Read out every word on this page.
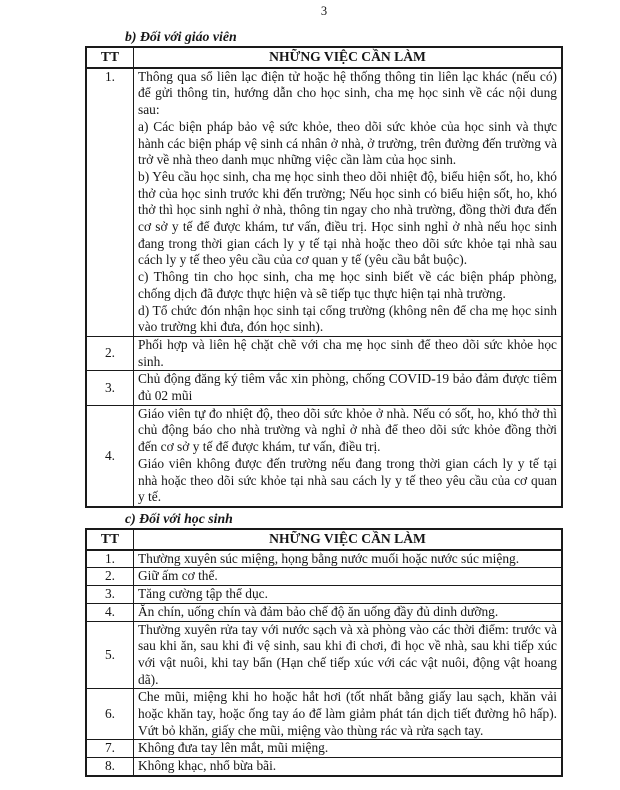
3
b) Đối với giáo viên
TT	NHỮNG VIỆC CẦN LÀM
1.	Thông qua sổ liên lạc điện tử hoặc hệ thống thông tin liên lạc khác (nếu có) để gửi thông tin, hướng dẫn cho học sinh, cha mẹ học sinh về các nội dung sau:
a) Các biện pháp bảo vệ sức khỏe, theo dõi sức khỏe của học sinh và thực hành các biện pháp vệ sinh cá nhân ở nhà, ở trường, trên đường đến trường và trở về nhà theo danh mục những việc cần làm của học sinh.
b) Yêu cầu học sinh, cha mẹ học sinh theo dõi nhiệt độ, biểu hiện sốt, ho, khó thở của học sinh trước khi đến trường; Nếu học sinh có biểu hiện sốt, ho, khó thở thì học sinh nghỉ ở nhà, thông tin ngay cho nhà trường, đồng thời đưa đến cơ sở y tế để được khám, tư vấn, điều trị. Học sinh nghỉ ở nhà nếu học sinh đang trong thời gian cách ly y tế tại nhà hoặc theo dõi sức khỏe tại nhà sau cách ly y tế theo yêu cầu của cơ quan y tế (yêu cầu bắt buộc).
c) Thông tin cho học sinh, cha mẹ học sinh biết về các biện pháp phòng, chống dịch đã được thực hiện và sẽ tiếp tục thực hiện tại nhà trường.
d) Tổ chức đón nhận học sinh tại cổng trường (không nên để cha mẹ học sinh vào trường khi đưa, đón học sinh).

2.	Phối hợp và liên hệ chặt chẽ với cha mẹ học sinh để theo dõi sức khỏe học sinh.

3.	Chủ động đăng ký tiêm vắc xin phòng, chống COVID-19 bảo đảm được tiêm đủ 02 mũi

4.	Giáo viên tự đo nhiệt độ, theo dõi sức khỏe ở nhà. Nếu có sốt, ho, khó thở thì chủ động báo cho nhà trường và nghỉ ở nhà để theo dõi sức khỏe đồng thời đến cơ sở y tế để được khám, tư vấn, điều trị.
Giáo viên không được đến trường nếu đang trong thời gian cách ly y tế tại nhà hoặc theo dõi sức khỏe tại nhà sau cách ly y tế theo yêu cầu của cơ quan y tế.
c) Đối với học sinh
TT	NHỮNG VIỆC CẦN LÀM
1.	Thường xuyên súc miệng, họng bằng nước muối hoặc nước súc miệng.

2.	Giữ ấm cơ thể.

3.	Tăng cường tập thể dục.

4.	Ăn chín, uống chín và đảm bảo chế độ ăn uống đầy đủ dinh dưỡng.

5.	Thường xuyên rửa tay với nước sạch và xà phòng vào các thời điểm: trước và sau khi ăn, sau khi đi vệ sinh, sau khi đi chơi, đi học về nhà, sau khi tiếp xúc với vật nuôi, khi tay bẩn (Hạn chế tiếp xúc với các vật nuôi, động vật hoang dã).

6.	Che mũi, miệng khi ho hoặc hắt hơi (tốt nhất bằng giấy lau sạch, khăn vải hoặc khăn tay, hoặc ống tay áo để làm giảm phát tán dịch tiết đường hô hấp). Vứt bỏ khăn, giấy che mũi, miệng vào thùng rác và rửa sạch tay.

7.	Không đưa tay lên mắt, mũi miệng.

8.	Không khạc, nhổ bừa bãi.
